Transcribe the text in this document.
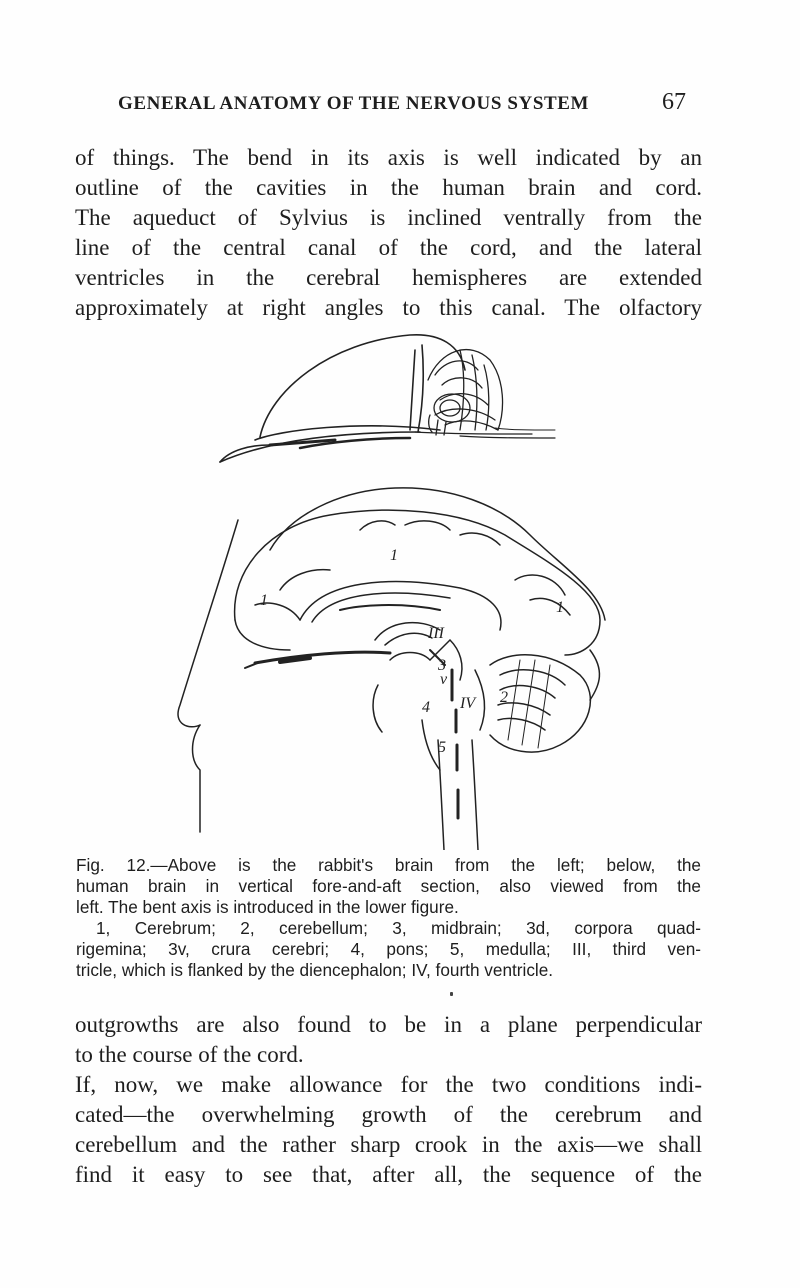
GENERAL ANATOMY OF THE NERVOUS SYSTEM	67

of things. The bend in its axis is well indicated by an
outline of the cavities in the human brain and cord.
The aqueduct of Sylvius is inclined ventrally from the
line of the central canal of the cord, and the lateral
ventricles in the cerebral hemispheres are extended
approximately at right angles to this canal. The olfactory

1
1	1
III
3
v
4 IV 2
5

Fig. 12.—Above is the rabbit's brain from the left; below, the
human brain in vertical fore-and-aft section, also viewed from the
left. The bent axis is introduced in the lower figure.
1, Cerebrum; 2, cerebellum; 3, midbrain; 3d, corpora quad-
rigemina; 3v, crura cerebri; 4, pons; 5, medulla; III, third ven-
tricle, which is flanked by the diencephalon; IV, fourth ventricle.

outgrowths are also found to be in a plane perpendicular
to the course of the cord.
If, now, we make allowance for the two conditions indi-
cated—the overwhelming growth of the cerebrum and
cerebellum and the rather sharp crook in the axis—we shall
find it easy to see that, after all, the sequence of the
